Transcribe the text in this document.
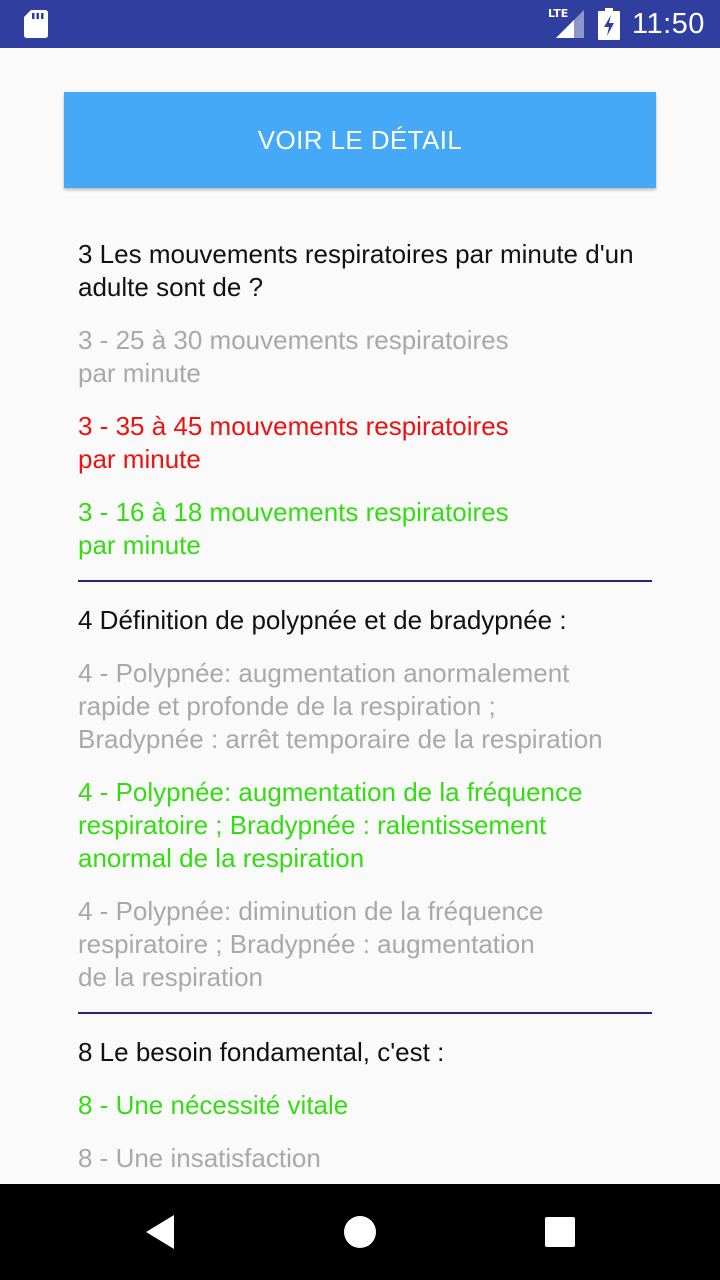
LTE 11:50
VOIR LE DÉTAIL
3 Les mouvements respiratoires par minute d'un adulte sont de ?
3 - 25 à 30 mouvements respiratoires
par minute
3 - 35 à 45 mouvements respiratoires
par minute
3 - 16 à 18 mouvements respiratoires
par minute
4 Définition de polypnée et de bradypnée :
4 - Polypnée: augmentation anormalement
rapide et profonde de la respiration ;
Bradypnée : arrêt temporaire de la respiration
4 - Polypnée: augmentation de la fréquence
respiratoire ; Bradypnée : ralentissement
anormal de la respiration
4 - Polypnée: diminution de la fréquence
respiratoire ; Bradypnée : augmentation
de la respiration
8 Le besoin fondamental, c'est :
8 - Une nécessité vitale
8 - Une insatisfaction
